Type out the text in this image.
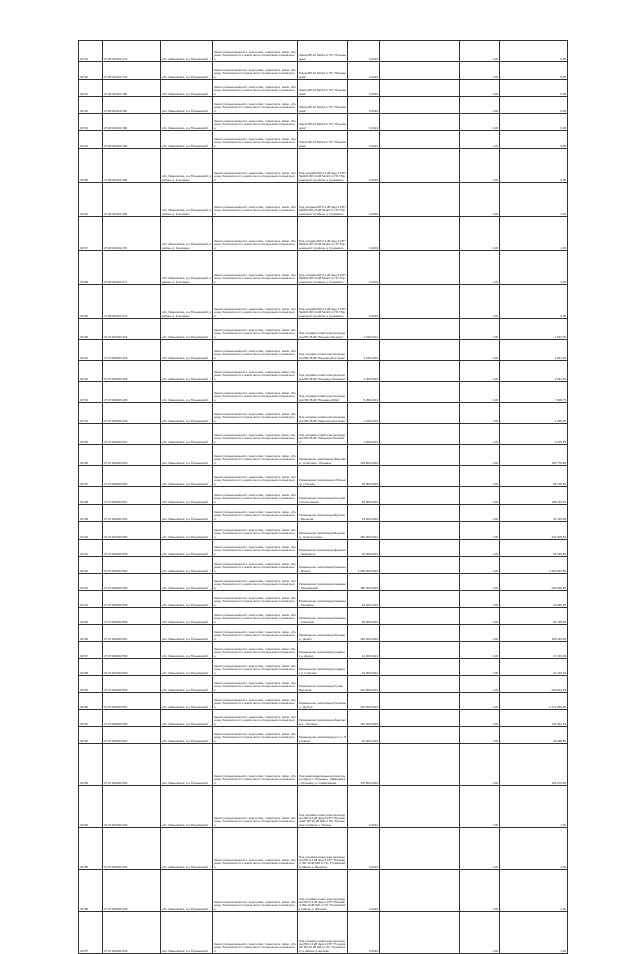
32719	27:08:001102:173	обл. Ивановская, р-н Юрьевецкий	Земли промышленности, энергетики, транспорта, связи, обороны, безопасности и земли иного специального назначения	Линия ВЛ-10 №124 от ПС "Юрьевецкая"	0,0024		1,00	6,08
32720	27:08:001102:179	обл. Ивановская, р-н Юрьевецкий	Земли промышленности, энергетики, транспорта, связи, обороны, безопасности и земли иного специального назначения	Линия ВЛ-10 №124 от ПС "Юрьевецкая"	0,0024		1,00	6,08
32721	27:08:001102:180	обл. Ивановская, р-н Юрьевецкий	Земли промышленности, энергетики, транспорта, связи, обороны, безопасности и земли иного специального назначения	Линия ВЛ-10 №124 от ПС "Юрьевецкая"	0,0024		1,00	6,08
32722	27:08:001102:181	обл. Ивановская, р-н Юрьевецкий	Земли промышленности, энергетики, транспорта, связи, обороны, безопасности и земли иного специального назначения	Линия ВЛ-10 №124 от ПС "Юрьевецкая"	0,0024		1,00	6,08
32723	27:08:001102:182	обл. Ивановская, р-н Юрьевецкий	Земли промышленности, энергетики, транспорта, связи, обороны, безопасности и земли иного специального назначения	Линия ВЛ-10 №124 от ПС "Юрьевецкая"	0,0024		1,00	6,08
32724	27:08:001102:183	обл. Ивановская, р-н Юрьевецкий	Земли промышленности, энергетики, транспорта, связи, обороны, безопасности и земли иного специального назначения	Линия ВЛ-10 №124 от ПС "Юрьевецкая"	0,0024		1,00	6,08
32725	27:08:001101:368	обл. Ивановская, р-н Юрьевецкий, в районе д. Куземкино	Земли промышленности, энергетики, транспорта, связи, обороны, безопасности и земли иного специального назначения	Под опорами ВЛ-0,4 кВ фид.4 КТП №0221 ВЛ-10 кВ №124 от ПС "Юрьевецкая" в районе д. Куземкино	0,0024		1,00	6,08
32726	27:08:001101:369	обл. Ивановская, р-н Юрьевецкий, в районе д. Куземкино	Земли промышленности, энергетики, транспорта, связи, обороны, безопасности и земли иного специального назначения	Под опорами ВЛ-0,4 кВ фид.4 КТП №0221 ВЛ-10 кВ №124 от ПС "Юрьевецкая" в районе д. Куземкино	0,0004		1,00	1,00
32727	27:08:001101:370	обл. Ивановская, р-н Юрьевецкий, в районе д. Куземкино	Земли промышленности, энергетики, транспорта, связи, обороны, безопасности и земли иного специального назначения	Под опорами ВЛ-0,4 кВ фид.4 КТП №0221 ВЛ-10 кВ №124 от ПС "Юрьевецкая" в районе д. Куземкино	0,0004		1,00	1,00
32728	27:08:001101:371	обл. Ивановская, р-н Юрьевецкий, в районе д. Куземкино	Земли промышленности, энергетики, транспорта, связи, обороны, безопасности и земли иного специального назначения	Под опорами ВЛ-0,4 кВ фид.4 КТП №0221 ВЛ-10 кВ №124 от ПС "Юрьевецкая" в районе д. Куземкино	0,0004		1,00	1,00
32729	27:08:001101:372	обл. Ивановская, р-н Юрьевецкий, в районе д. Куземкино	Земли промышленности, энергетики, транспорта, связи, обороны, безопасности и земли иного специального назначения	Под опорами ВЛ-0,4 кВ фид.4 КТП №0221 ВЛ-10 кВ №124 от ПС "Юрьевецкая" в районе д. Куземкино	0,0024		1,00	6,08
32730	27:07:000000:404	обл. Ивановская, р-н Юрьевецкий	Земли промышленности, энергетики, транспорта, связи, обороны, безопасности и земли иного специального назначения	Под опорами линий электропередачи ВЛ-35 кВ "Юрьевец-Бугрино"	1 240,0024		1,00	1 816,06
32731	27:07:000000:405	обл. Ивановская, р-н Юрьевецкий	Земли промышленности, энергетики, транспорта, связи, обороны, безопасности и земли иного специального назначения	Под опорами линий электропередачи ВЛ-35 кВ "Юрьевец-Костяево"	1 150,0024		1,00	1 841,26
32732	27:07:000000:406	обл. Ивановская, р-н Юрьевецкий	Земли промышленности, энергетики, транспорta, связи, обороны, безопасности и земли иного специального назначения	Под опорами линий электропередачи ВЛ-35 кВ "Юрьевец-Пелевино"	1 400,0024		1,00	2 041,26
32733	27:07:000000:408	обл. Ивановская, р-н Юрьевецкий	Земли промышленности, энергетики, транспорта, связи, обороны, безопасности и земли иного специального назначения	Под опорами линий электропередачи ВЛ-35 кВ "Юрьевец-Ряба"	5 450,0024		1,00	7 039,75
32734	27:07:000000:409	обл. Ивановская, р-н Юрьевецкий	Земли промышленности, энергетики, транспорта, связи, обороны, безопасности и земли иного специального назначения	Под опорами линий электропередачи ВЛ-35 кВ "Каменное-Костяево"	1 010,0024		1,00	1 366,05
32735	27:07:000000:407	обл. Ивановская, р-н Юрьевецкий	Земли промышленности, энергетики, транспорta, связи, обороны, безопасности и земли иного специального назначения	Под опорами линий электропередачи ВЛ-35 кВ "Каменное-Пелевино"	1 600,0024		1,00	2 276,99
32736	27:07:000000:520	обл. Ивановская, р-н Юрьевецкий	Земли промышленности, энергетики, транспорта, связи, обороны, безопасности и земли иного специального назначения	Размещение газопровода Фирсовка - Соболево - Юрьевец	123 800,0024		1,00	153 776,89
32737	27:07:000000:562	обл. Ивановская, р-н Юрьевецкий	Земли промышленности, энергетики, транспорта, связи, обороны, безопасности и земли иного специального назначения	Размещение газопровода к Юрьевцу и Пучежу	55 800,0024		1,00	58 378,66
32738	27:07:000000:567	обл. Ивановская, р-н Юрьевецкий	Земли промышленности, энергетики, транспорта, связи, обороны, безопасности и земли иного специального назначения	Размещение газопровода Костяево-Костромская	84 900,0024		1,00	108 703,93
32739	27:07:000000:564	обл. Ивановская, р-н Юрьевецкий	Земли промышленности, энергетики, транспорта, связи, обороны, безопасности и земли иного специального назначения	Размещение газопровода Бугрино - Вершина	34 600,0024		1,00	41 319,08
32740	27:07:000000:565	обл. Ивановская, р-н Юрьевецкий	Земли промышленности, энергетики, транспорта, связи, обороны, безопасности и земли иного специального назначения	Размещение газопровода Вершина - Новопутилово	364 000,0024		1,00	443 309,84
32741	27:07:000000:566	обл. Ивановская, р-н Юрьевецкий	Земли промышленности, энергетики, транспорта, связи, обороны, безопасности и земли иного специального назначения	Размещение газопровода Дьяково - Задворное	40 000,0024		1,00	54 346,85
32742	27:07:000000:553	обл. Ивановская, р-н Юрьевецкий	Земли промышленности, энергетики, транспорта, связи, обороны, безопасности и земли иного специального назначения	Размещение газопровода Каменка - Мягкое	1 000 000,0024		1,00	1 282 816,84
32743	27:07:000000:555	обл. Ивановская, р-н Юрьевецкий	Земли промышленности, энергетики, транспорта, связи, обороны, безопасности и земли иного специального назначения	Размещение газопровода Каменка - Юрьевецкий	185 300,0024		1,00	233 639,66
32744	27:07:000000:558	обл. Ивановская, р-н Юрьевецкий	Земли промышленности, энергетики, транспорта, связи, обороны, безопасности и земли иного специального назначения	Размещение газопровода Каменка - Пелевино	15 300,0024		1,00	19 449,96
32745	27:07:000000:556	обл. Ивановская, р-н Юрьевецкий	Земли промышленности, энергетики, транспорта, связи, обороны, безопасности и земли иного специального назначения	Размещение газопровода Каменка - Соболево	66 000,0024		1,00	83 799,69
32746	27:07:000000:561	обл. Ивановская, р-н Юрьевецкий	Земли промышленности, энергетики, транспорта, связи, обороны, безопасности и земли иного специального назначения	Размещение газопровода Юрьевец - Дорки	324 000,0024		1,00	409 119,06
32747	27:07:000000:563	обл. Ивановская, р-н Юрьевецкий	Земли промышленности, энергетики, транспорta, связи, обороны, безопасности и земли иного специального назначения	Размещение газопровода (подвод к д. Дорки)	14 000,0024		1,00	17 316,99
32748	27:07:000000:560	обл. Ивановская, р-н Юрьевецкий	Земли промышленности, энергетики, транспорта, связи, обороны, безопасности и земли иного специального назначения	Размещение газопровода (подвод к д. Стрелка)	34 000,0024		1,00	41 319,04
32749	27:07:000000:554	обл. Ивановская, р-н Юрьевецкий	Земли промышленности, энергетики, транспорта, связи, обороны, безопасности и земли иного специального назначения	Размещение газопровода Пучеж - Вершина	241 000,0024		1,00	293 814,69
32750	27:07:000000:557	обл. Ивановская, р-н Юрьевецкий	Земли промышленности, энергетики, транспорта, связи, обороны, безопасности и земли иного специального назначения	Размещение газопровода Пелевино - Дубяги	315 000,0024		1,00	1 172 349,00
32751	27:07:000000:559	обл. Ивановская, р-н Юрьевецкий	Земли промышленности, энергетики, транспорта, связи, обороны, безопасности и земли иного специального назначения	Размещение газопровода Заволжское - Толпино	115 600,0024		1,00	144 342,24
32752	27:07:000000:552	обл. Ивановская, р-н Юрьевецкий	Земли промышленности, энергетики, транспорта, связи, обороны, безопасности и земли иного специального назначения	Размещение газопровода до п.п. Пелевино	40 000,0024		1,00	49 399,86
32753	27:07:000000:554	обл. Ивановская, р-н Юрьевецкий	Земли промышленности, энергетики, транспорта, связи, обороны, безопасности и земли иного специального назначения	Под канализационные коллекторные вдоль п. Юрьевец - Ивановка в г. Юрьевец ул. Набережная	175 800,0024		1,00	154 075,86
32754	27:07:000000:333	обл. Ивановская, р-н Юрьевецкий	Земли промышленности, энергетики, транспорта, связи, обороны, безопасности и земли иного специального назначения	Под опорами линии электропередачи ВЛ-0,4 кВ фид.5 КТП "Юрьевецкий" ВЛ-10 кВ №8 от ПС "Пучежская" в районе с. Тимино	0,0024		1,00	1,00
32755	27:07:000000:344	обл. Ивановская, р-н Юрьевецкий	Земли промышленности, энергетики, транспорта, связи, обороны, безопасности и земли иного специального назначения	Под опорами линии электропередачи ВЛ-0,4 кВ фид.5 КТП "Юрьевец" ВЛ-10 кВ №5 от ПС "Пучежская" в районе д. Выдрино	0,0024		1,00	1,00
32756	27:07:000000:345	обл. Ивановская, р-н Юрьевецкий	Земли промышленности, энергетики, транспорта, связи, обороны, безопасности и земли иного специального назначения	Под опорами линии электропередачи ВЛ-0,4 кВ фид.4 КТП "Юрьевец" ВЛ-10 кВ №5 от ПС "Пучежская" в районе д. Фатеево	0,0024		1,00	1,00
32757	27:07:000000:346	обл. Ивановская, р-н Юрьевецкий	Земли промышленности, энергетики, транспорта, связи, обороны, безопасности и земли иного специального назначения	Под опорами линии электропередачи ВЛ-0,4 кВ фид.4 КТП "Пучежский" ВЛ-10 кВ №6 от ПС "Пучежская" в районе д. Ершово	0,0024		1,00	1,00
